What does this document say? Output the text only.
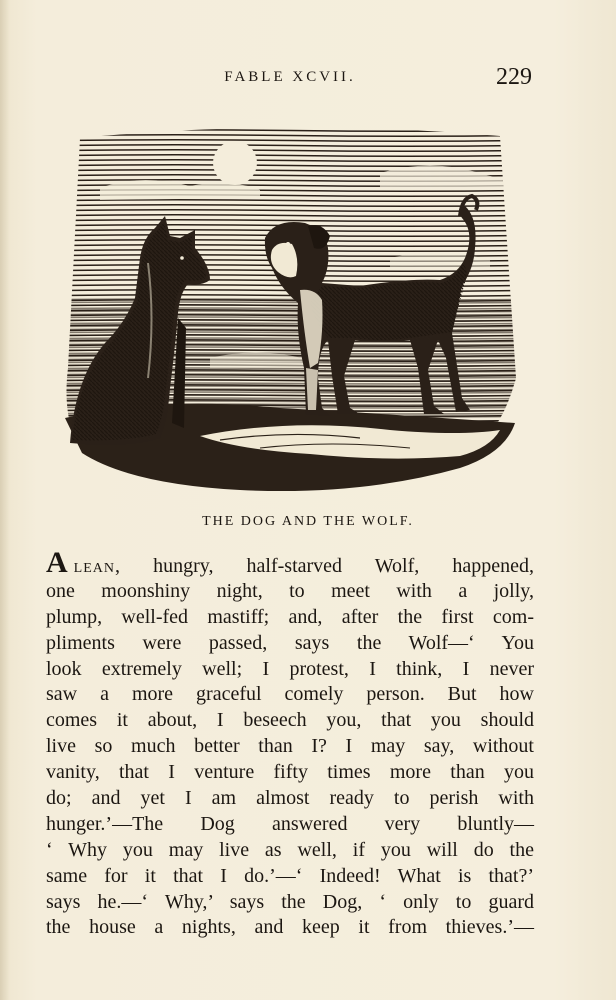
FABLE XCVII.	229
THE DOG AND THE WOLF.
Alean, hungry, half-starved Wolf, happened,
one moonshiny night, to meet with a jolly,
plump, well-fed mastiff; and, after the first com-
pliments were passed, says the Wolf—‘ You
look extremely well; I protest, I think, I never
saw a more graceful comely person. But how
comes it about, I beseech you, that you should
live so much better than I? I may say, without
vanity, that I venture fifty times more than you
do; and yet I am almost ready to perish with
hunger.’—The Dog answered very bluntly—
‘ Why you may live as well, if you will do the
same for it that I do.’—‘ Indeed! What is that?’
says he.—‘ Why,’ says the Dog, ‘ only to guard
the house a nights, and keep it from thieves.’—
